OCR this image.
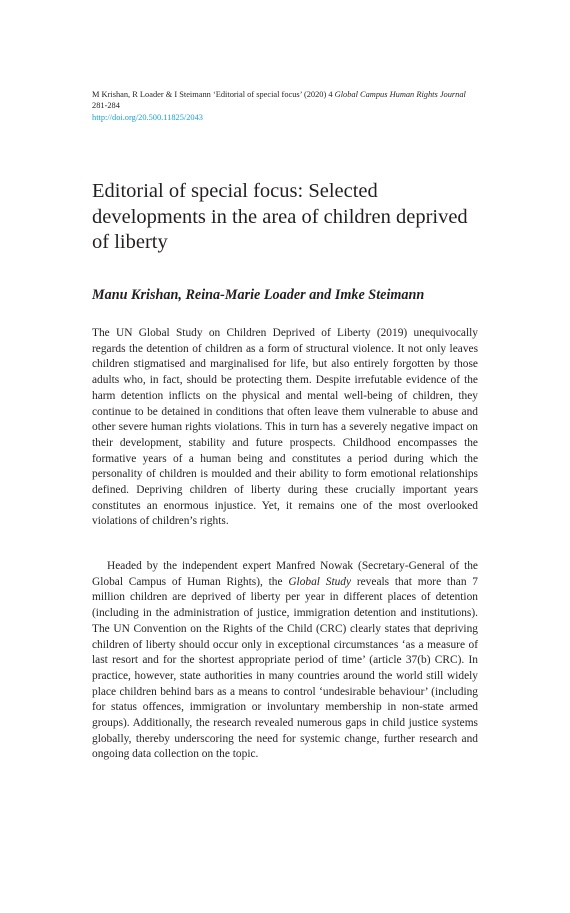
M Krishan, R Loader & I Steimann ‘Editorial of special focus’ (2020) 4 Global Campus Human Rights Journal 281-284
http://doi.org/20.500.11825/2043
Editorial of special focus: Selected developments in the area of children deprived of liberty
Manu Krishan, Reina-Marie Loader and Imke Steimann

The UN Global Study on Children Deprived of Liberty (2019) unequivocally regards the detention of children as a form of structural violence. It not only leaves children stigmatised and marginalised for life, but also entirely forgotten by those adults who, in fact, should be protecting them. Despite irrefutable evidence of the harm detention inflicts on the physical and mental well-being of children, they continue to be detained in conditions that often leave them vulnerable to abuse and other severe human rights violations. This in turn has a severely negative impact on their development, stability and future prospects. Childhood encompasses the formative years of a human being and constitutes a period during which the personality of children is moulded and their ability to form emotional relationships defined. Depriving children of liberty during these crucially important years constitutes an enormous injustice. Yet, it remains one of the most overlooked violations of children’s rights.

Headed by the independent expert Manfred Nowak (Secretary-General of the Global Campus of Human Rights), the Global Study reveals that more than 7 million children are deprived of liberty per year in different places of detention (including in the administration of justice, immigration detention and institutions). The UN Convention on the Rights of the Child (CRC) clearly states that depriving children of liberty should occur only in exceptional circumstances ‘as a measure of last resort and for the shortest appropriate period of time’ (article 37(b) CRC). In practice, however, state authorities in many countries around the world still widely place children behind bars as a means to control ‘undesirable behaviour’ (including for status offences, immigration or involuntary membership in non-state armed groups). Additionally, the research revealed numerous gaps in child justice systems globally, thereby underscoring the need for systemic change, further research and ongoing data collection on the topic.
